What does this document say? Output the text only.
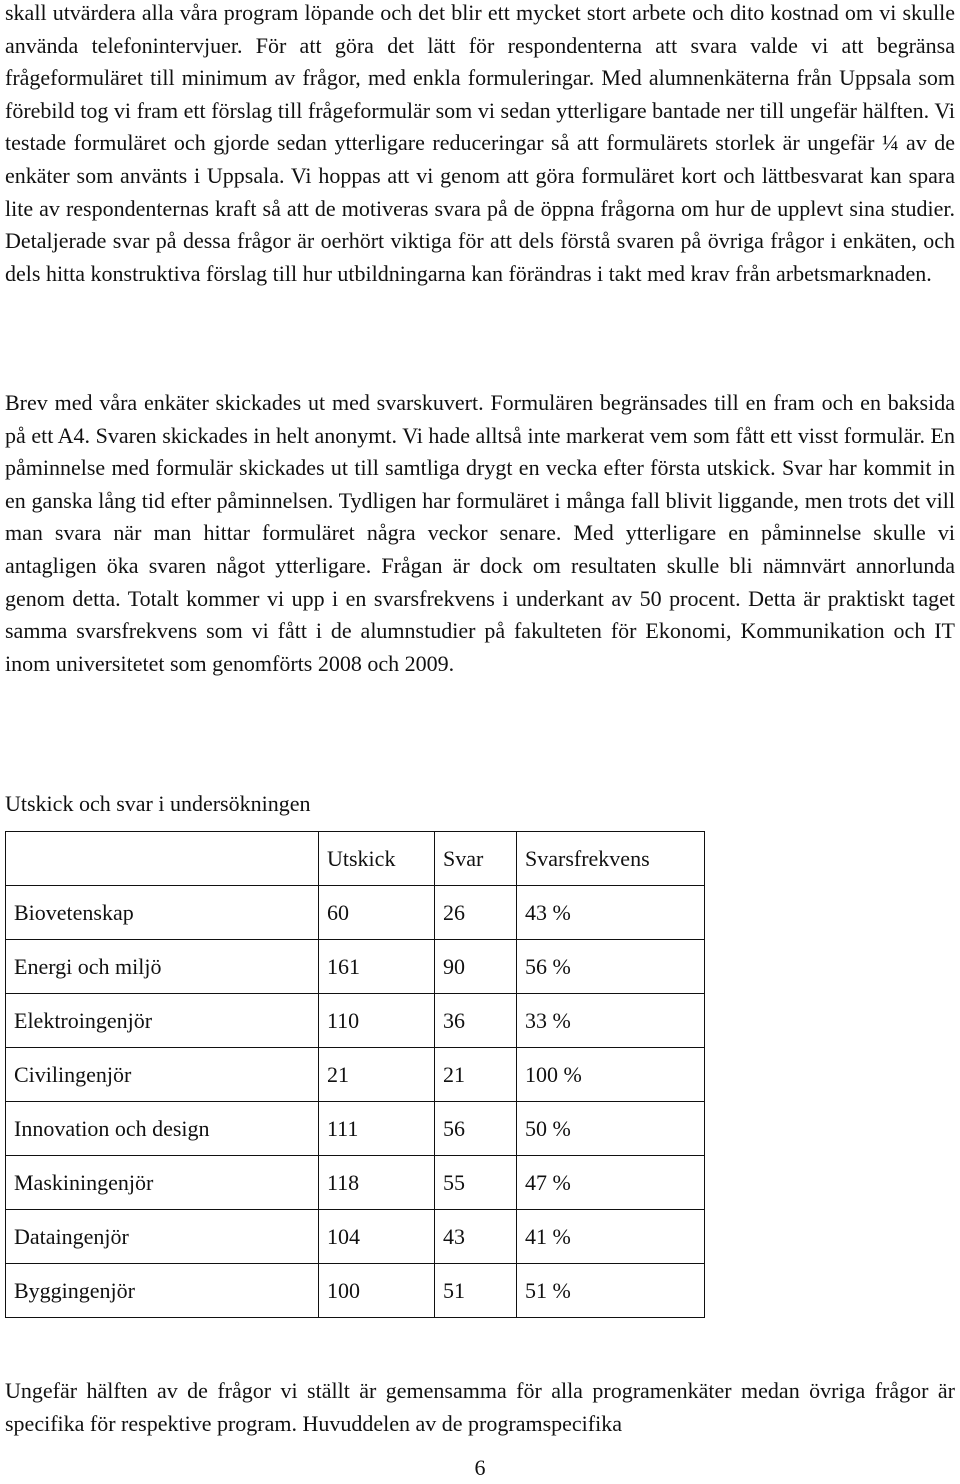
skall utvärdera alla våra program löpande och det blir ett mycket stort arbete och dito kostnad om vi skulle använda telefonintervjuer. För att göra det lätt för respondenterna att svara valde vi att begränsa frågeformuläret till minimum av frågor, med enkla formuleringar. Med alumnenkäterna från Uppsala som förebild tog vi fram ett förslag till frågeformulär som vi sedan ytterligare bantade ner till ungefär hälften. Vi testade formuläret och gjorde sedan ytterligare reduceringar så att formulärets storlek är ungefär ¼ av de enkäter som använts i Uppsala. Vi hoppas att vi genom att göra formuläret kort och lättbesvarat kan spara lite av respondenternas kraft så att de motiveras svara på de öppna frågorna om hur de upplevt sina studier. Detaljerade svar på dessa frågor är oerhört viktiga för att dels förstå svaren på övriga frågor i enkäten, och dels hitta konstruktiva förslag till hur utbildningarna kan förändras i takt med krav från arbetsmarknaden.

Brev med våra enkäter skickades ut med svarskuvert. Formulären begränsades till en fram och en baksida på ett A4. Svaren skickades in helt anonymt. Vi hade alltså inte markerat vem som fått ett visst formulär. En påminnelse med formulär skickades ut till samtliga drygt en vecka efter första utskick. Svar har kommit in en ganska lång tid efter påminnelsen. Tydligen har formuläret i många fall blivit liggande, men trots det vill man svara när man hittar formuläret några veckor senare. Med ytterligare en påminnelse skulle vi antagligen öka svaren något ytterligare. Frågan är dock om resultaten skulle bli nämnvärt annorlunda genom detta. Totalt kommer vi upp i en svarsfrekvens i underkant av 50 procent. Detta är praktiskt taget samma svarsfrekvens som vi fått i de alumnstudier på fakulteten för Ekonomi, Kommunikation och IT inom universitetet som genomförts 2008 och 2009.

Utskick och svar i undersökningen

	Utskick	Svar	Svarsfrekvens
Biovetenskap	60	26	43 %
Energi och miljö	161	90	56 %
Elektroingenjör	110	36	33 %
Civilingenjör	21	21	100 %
Innovation och design	111	56	50 %
Maskiningenjör	118	55	47 %
Dataingenjör	104	43	41 %
Byggingenjör	100	51	51 %

Ungefär hälften av de frågor vi ställt är gemensamma för alla programenkäter medan övriga frågor är specifika för respektive program. Huvuddelen av de programspecifika

6
